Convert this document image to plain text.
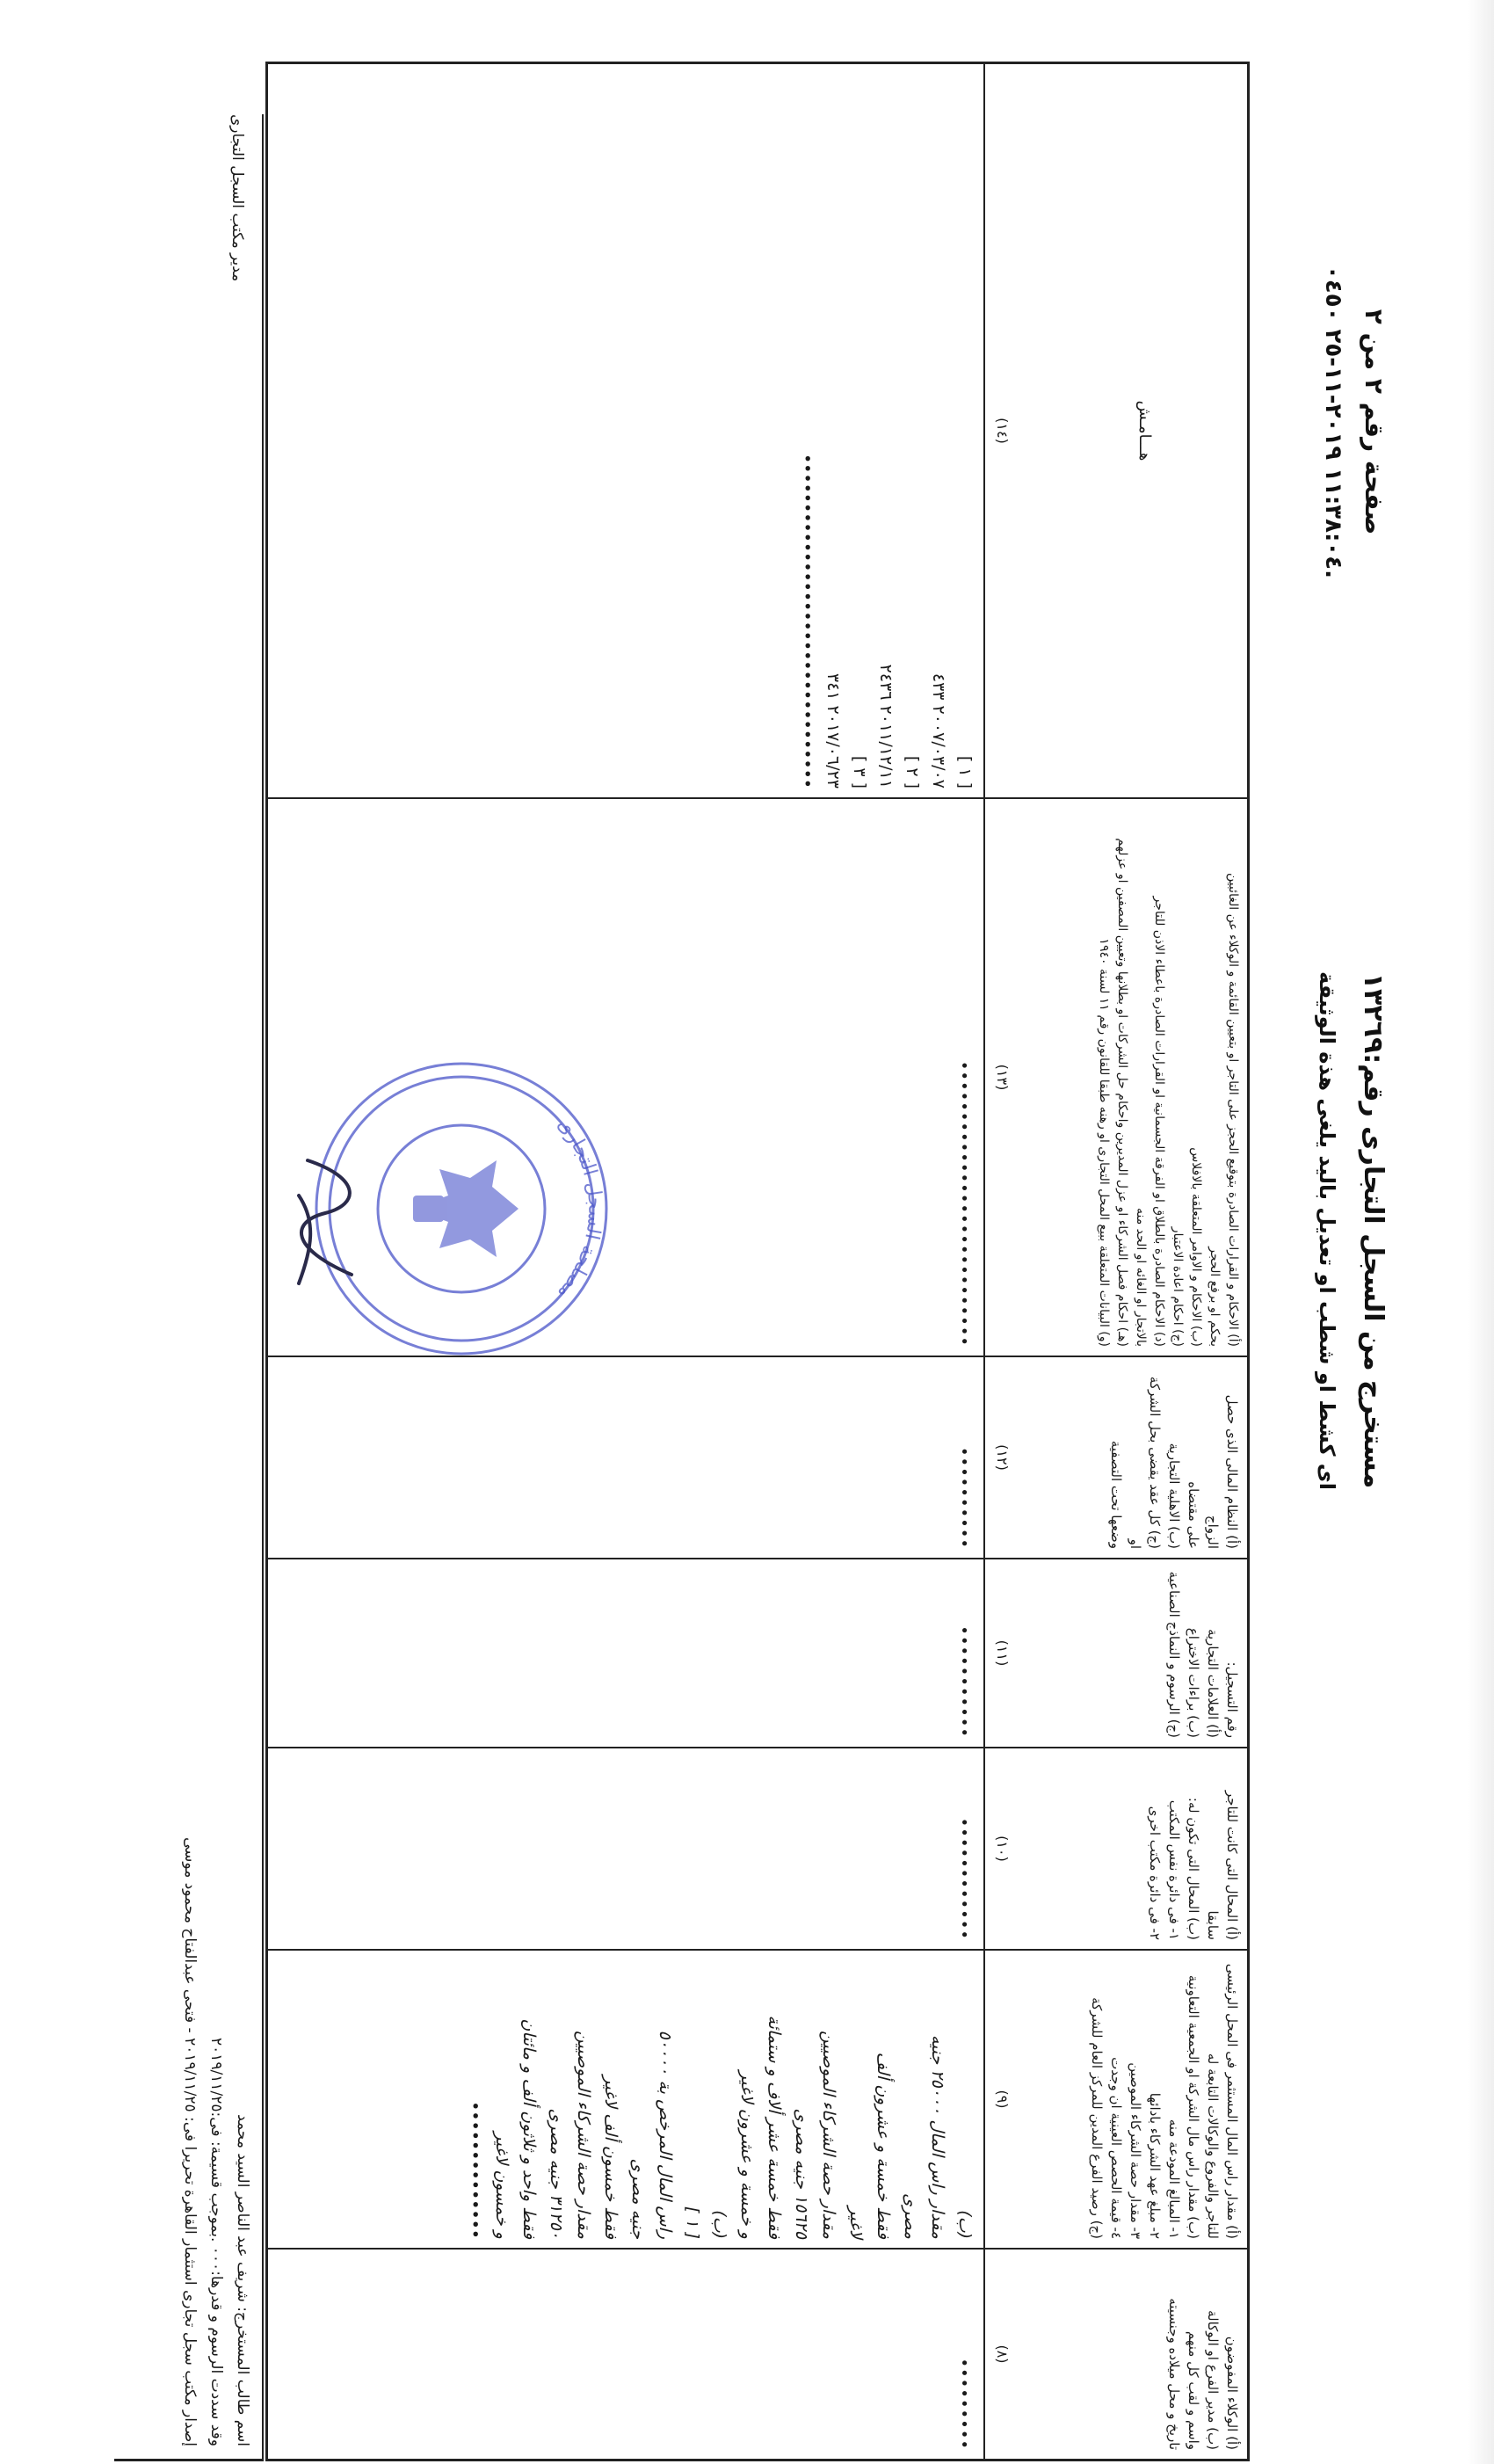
صفحة رقم ٢ من ٢
١١:٣٨:٠٤ ٢٠١٩-١١-٢٥ ٠٤٥٠.
مستخرج من السجل التجارى رقم:١٣٢٦٩
اى كشط او شطب او تعديل باليد يلغى هذة الوثيقة
(أ) الوكلاء المفوضون
(ب) مدير الفرع او الوكالة
واسم و لقب كل منهم
تاريخ و محل ميلاده وجنسيته
(٨)
(أ) مقدار راس المال المستثمر فى المحل الرئيسى
للتاجر والفروع والوكالات التابعة له
(ب) مقدار راس مال الشركة او الجمعية التعاونية
١- المبالغ المودعة منه
٢- مبلغ عهد الشركاء بادائها
٣- مقدار حصة الشركاء الموصين
٤- قيمة الحصص العينية ان وجدت
(ج) رصيد الفرع المدين للمركز العام للشركة
(٩)
(أ) المحال التى كانت للتاجر سابقا
(ب) المحال التى تكون له:
١- فى دائرة نفس المكتب
٢- فى دائرة مكتب اخرى
(١٠)
رقم التسجيل:
(أ) العلامات التجارية
(ب) براءات الاختراع
(ج) الرسوم و النماذج الصناعية
(١١)
(أ) النظام المالى الذى حصل الزواج
على مقتضاه
(ب) الاهلية التجارية
(ج) كل عقد يقضى بحل الشركة او
وضعها تحت التصفية
(١٢)
(أ) الاحكام و القرارات الصادرة بتوقيع الحجز على التاجر او بتعيين القائمة و الوكلاء عن الغائبين
بحكم او برفع الحجر
(ب) الاحكام و الاوامر المتعلقة بالافلاس
(ج) احكام اعادة الاعتبار
(د) الاحكام الصادرة بالطلاق او الفرقة الجسمانية او القرارات الصادرة باعطاء الاذن للتاجر
بالاتجار او الغائه او الحد منه
(هـ) احكام فصل الشركاء او عزل المديرين واحكام حل الشركات او بطلانها وتعيين المصفين او عزلهم
(و) البيانات المتعلقة ببيع المحل التجارى او رهنه طبقا للقانون رقم ١١ لسنة ١٩٤٠
(١٣)
هـــامـش
(١٤)
•••••••••
(ب)
مقدار راس المال ٢٥٠٠٠ جنيه
مصرى
فقط خمسة و عشرون ألف
لاغير
مقدار حصة الشركاء الموصيين
١٥٦٢٥ جنيه مصرى
فقط خمسة عشر ألاف و ستمائة
و خمسة و عشرون لاغير
(ب)
[ ١ ]
راس المال المرخص بة ٥٠٠٠٠
جنيه مصرى
فقط خمسون ألف لاغير
مقدار حصة الشركاء الموصيين
٣١٢٥٠ جنيه مصرى
فقط واحد و ثلاثون ألف و مائتان
و خمسون لاغير
••••••••••••••
••••••••••••
•••••••••••
••••••••••
••••••••••••••••••••••••••••
[ ١ ]
٢٠٠٧/٠٣/٠٧ ٤٣٣
[ ٢ ]
٢٠١١/١٢/١١ ٢٤٣٦
[ ٣ ]
٢٠١٧/٠٦/٢٣ ٣٤١
••••••••••••••••••••••••••••••••••
اسم طالب المستخرج: شريف عبد الناصر السيد محمد
وقد سددت الرسوم و قدرها:٠٠٠ .بموجب قسيمة: فى:٢٠١٩/١١/٢٥
إصدار مكتب سجل تجارى استثمار القاهرة تحريرا فى: ٢٠١٩/١١/٢٥ - فتحى عبدالفتاح محمود موسى
مدير مكتب السجل التجارى
مصلحة السجل التجارى
